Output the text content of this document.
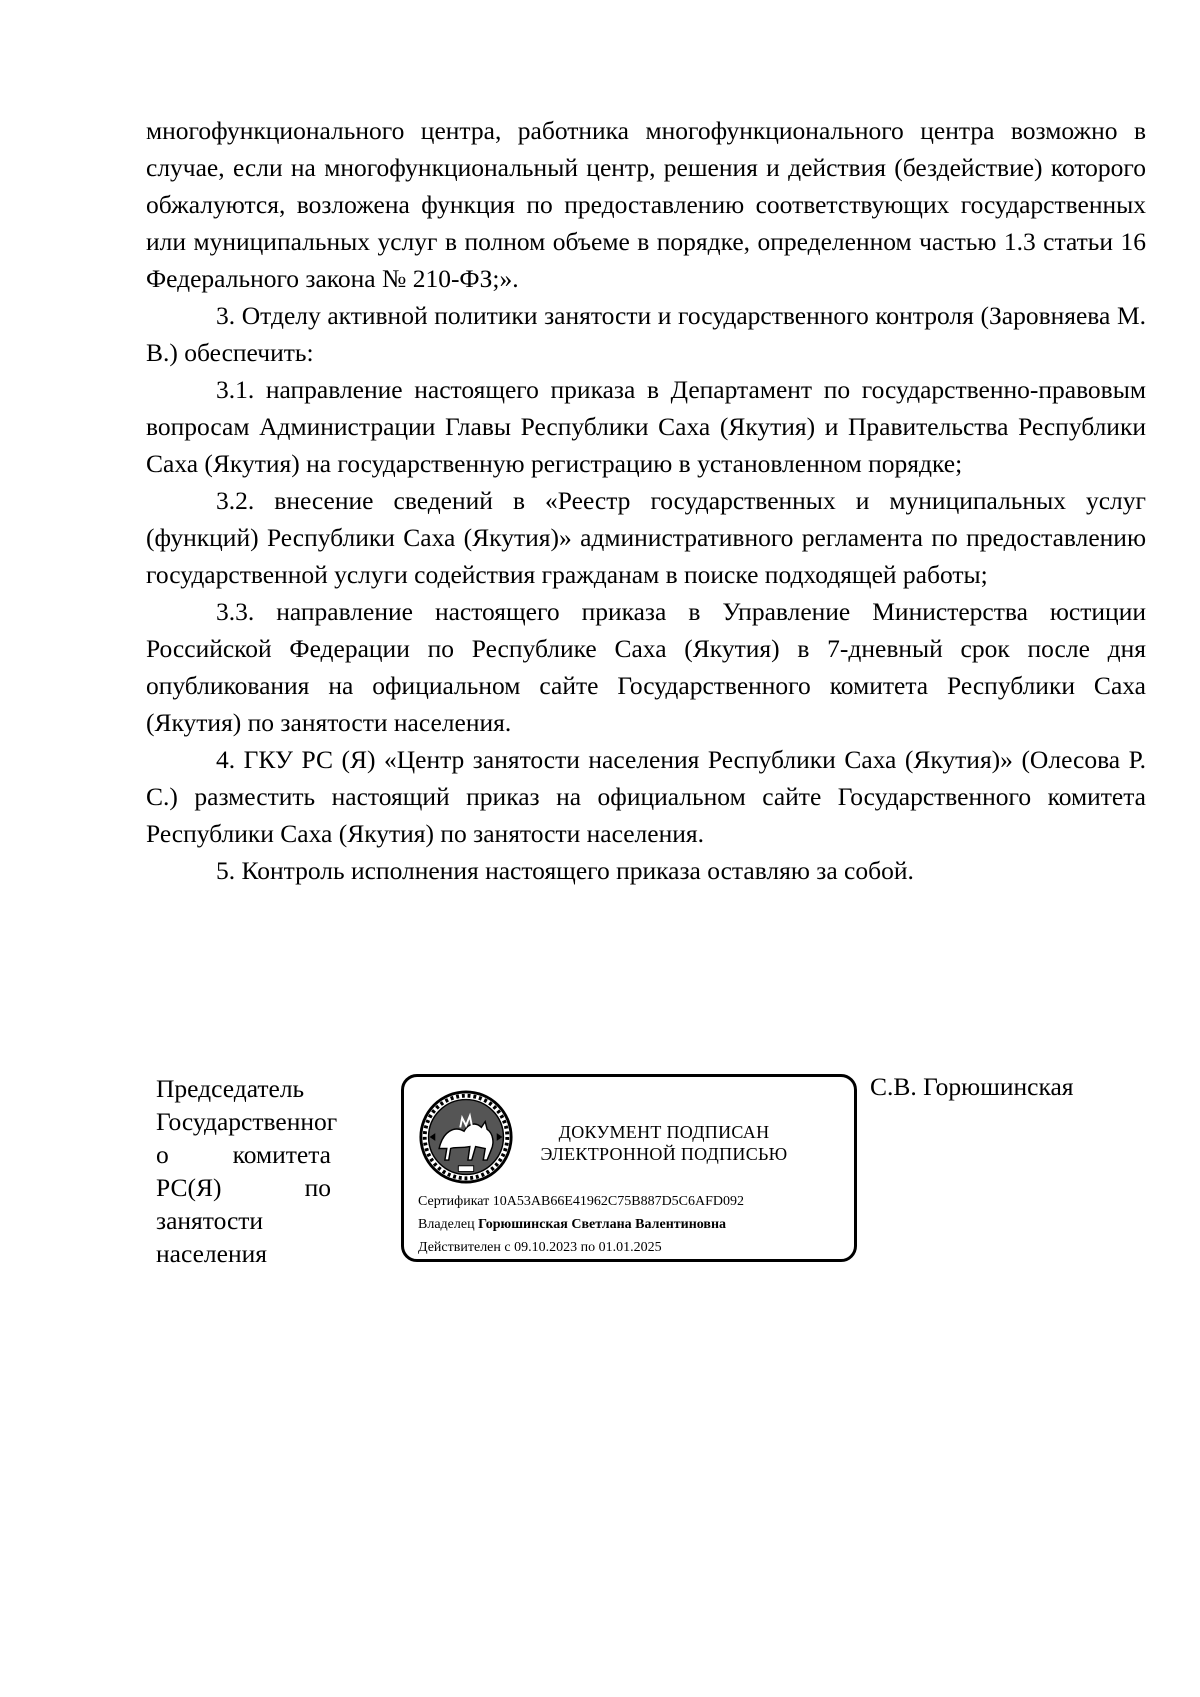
многофункционального центра, работника многофункционального центра возможно в случае, если на многофункциональный центр, решения и действия (бездействие) которого обжалуются, возложена функция по предоставлению соответствующих государственных или муниципальных услуг в полном объеме в порядке, определенном частью 1.3 статьи 16 Федерального закона № 210-ФЗ;».

3. Отделу активной политики занятости и государственного контроля (Заровняева М. В.) обеспечить:

3.1. направление настоящего приказа в Департамент по государственно-правовым вопросам Администрации Главы Республики Саха (Якутия) и Правительства Республики Саха (Якутия) на государственную регистрацию в установленном порядке;

3.2. внесение сведений в «Реестр государственных и муниципальных услуг (функций) Республики Саха (Якутия)» административного регламента по предоставлению государственной услуги содействия гражданам в поиске подходящей работы;

3.3. направление настоящего приказа в Управление Министерства юстиции Российской Федерации по Республике Саха (Якутия) в 7-дневный срок после дня опубликования на официальном сайте Государственного комитета Республики Саха (Якутия) по занятости населения.

4. ГКУ РС (Я) «Центр занятости населения Республики Саха (Якутия)» (Олесова Р. С.) разместить настоящий приказ на официальном сайте Государственного комитета Республики Саха (Якутия) по занятости населения.

5. Контроль исполнения настоящего приказа оставляю за собой.

Председатель
Государственног
о комитета
РС(Я) по
занятости
населения
ДОКУМЕНТ ПОДПИСАН
ЭЛЕКТРОННОЙ ПОДПИСЬЮ
Сертификат 10A53AB66E41962C75B887D5C6AFD092
Владелец Горюшинская Светлана Валентиновна
Действителен с 09.10.2023 по 01.01.2025
С.В. Горюшинская
